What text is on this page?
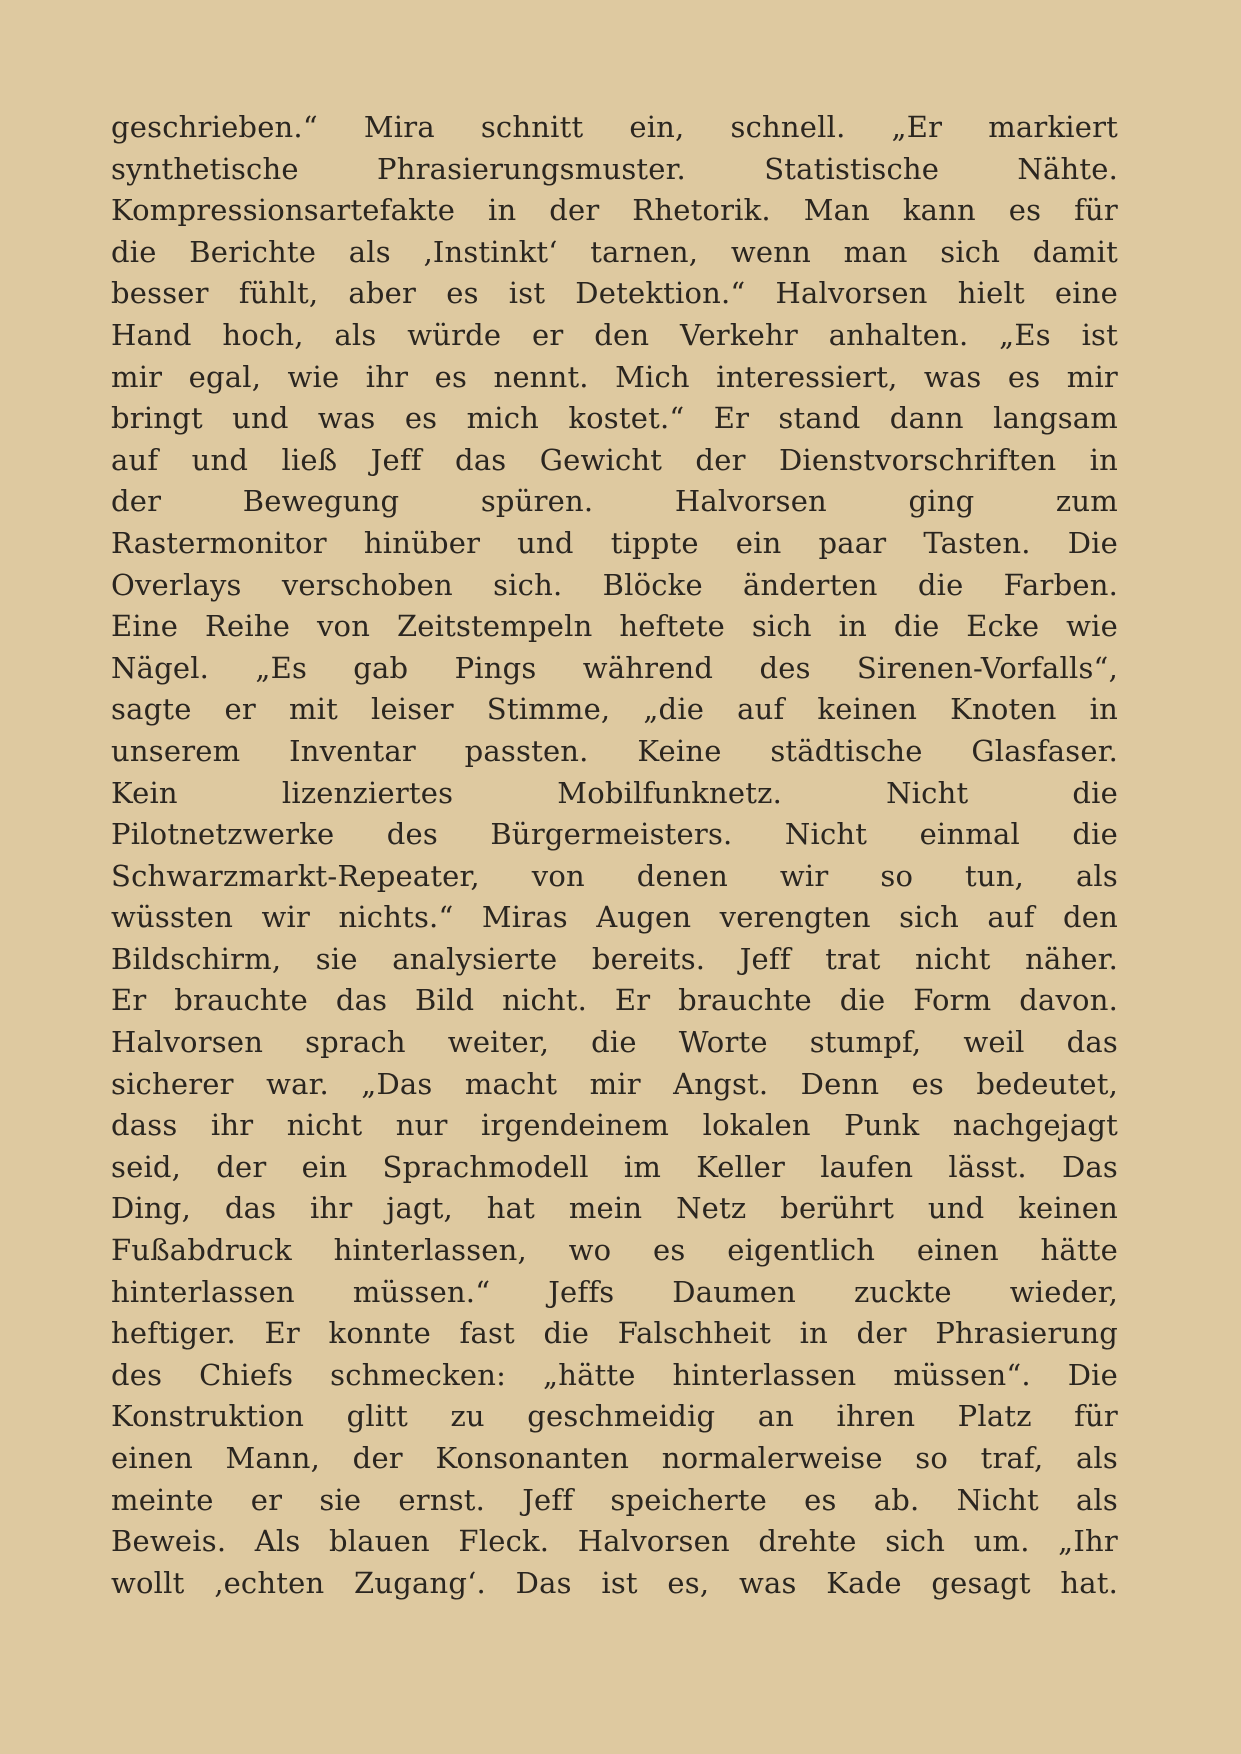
geschrieben.“ Mira schnitt ein, schnell. „Er markiert
synthetische Phrasierungsmuster. Statistische Nähte.
Kompressionsartefakte in der Rhetorik. Man kann es für
die Berichte als ‚Instinkt‘ tarnen, wenn man sich damit
besser fühlt, aber es ist Detektion.“ Halvorsen hielt eine
Hand hoch, als würde er den Verkehr anhalten. „Es ist
mir egal, wie ihr es nennt. Mich interessiert, was es mir
bringt und was es mich kostet.“ Er stand dann langsam
auf und ließ Jeff das Gewicht der Dienstvorschriften in
der Bewegung spüren. Halvorsen ging zum
Rastermonitor hinüber und tippte ein paar Tasten. Die
Overlays verschoben sich. Blöcke änderten die Farben.
Eine Reihe von Zeitstempeln heftete sich in die Ecke wie
Nägel. „Es gab Pings während des Sirenen-Vorfalls“,
sagte er mit leiser Stimme, „die auf keinen Knoten in
unserem Inventar passten. Keine städtische Glasfaser.
Kein lizenziertes Mobilfunknetz. Nicht die
Pilotnetzwerke des Bürgermeisters. Nicht einmal die
Schwarzmarkt-Repeater, von denen wir so tun, als
wüssten wir nichts.“ Miras Augen verengten sich auf den
Bildschirm, sie analysierte bereits. Jeff trat nicht näher.
Er brauchte das Bild nicht. Er brauchte die Form davon.
Halvorsen sprach weiter, die Worte stumpf, weil das
sicherer war. „Das macht mir Angst. Denn es bedeutet,
dass ihr nicht nur irgendeinem lokalen Punk nachgejagt
seid, der ein Sprachmodell im Keller laufen lässt. Das
Ding, das ihr jagt, hat mein Netz berührt und keinen
Fußabdruck hinterlassen, wo es eigentlich einen hätte
hinterlassen müssen.“ Jeffs Daumen zuckte wieder,
heftiger. Er konnte fast die Falschheit in der Phrasierung
des Chiefs schmecken: „hätte hinterlassen müssen“. Die
Konstruktion glitt zu geschmeidig an ihren Platz für
einen Mann, der Konsonanten normalerweise so traf, als
meinte er sie ernst. Jeff speicherte es ab. Nicht als
Beweis. Als blauen Fleck. Halvorsen drehte sich um. „Ihr
wollt ‚echten Zugang‘. Das ist es, was Kade gesagt hat.
